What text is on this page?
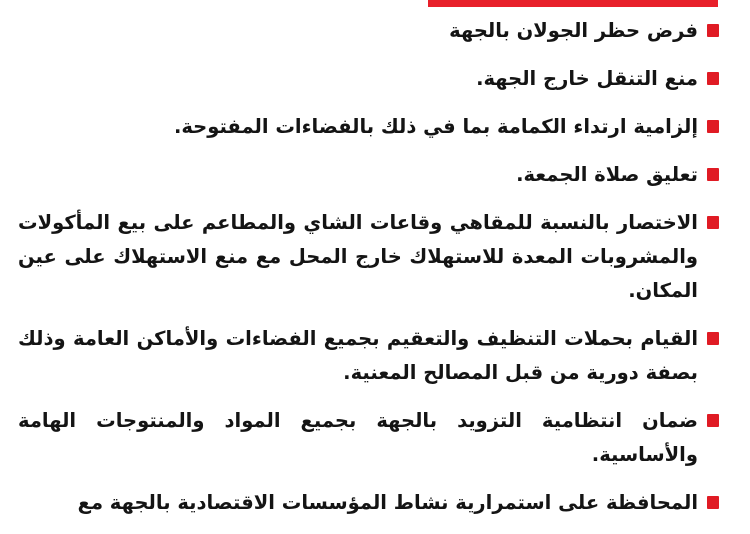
فرض حظر الجولان بالجهة
منع التنقل خارج الجهة.
إلزامية ارتداء الكمامة بما في ذلك بالفضاءات المفتوحة.
تعليق صلاة الجمعة.
الاختصار بالنسبة للمقاهي وقاعات الشاي والمطاعم على بيع المأكولات والمشروبات المعدة للاستهلاك خارج المحل مع منع الاستهلاك على عين المكان.
القيام بحملات التنظيف والتعقيم بجميع الفضاءات والأماكن العامة وذلك بصفة دورية من قبل المصالح المعنية.
ضمان انتظامية التزويد بالجهة بجميع المواد والمنتوجات الهامة والأساسية.
المحافظة على استمرارية نشاط المؤسسات الاقتصادية بالجهة مع
